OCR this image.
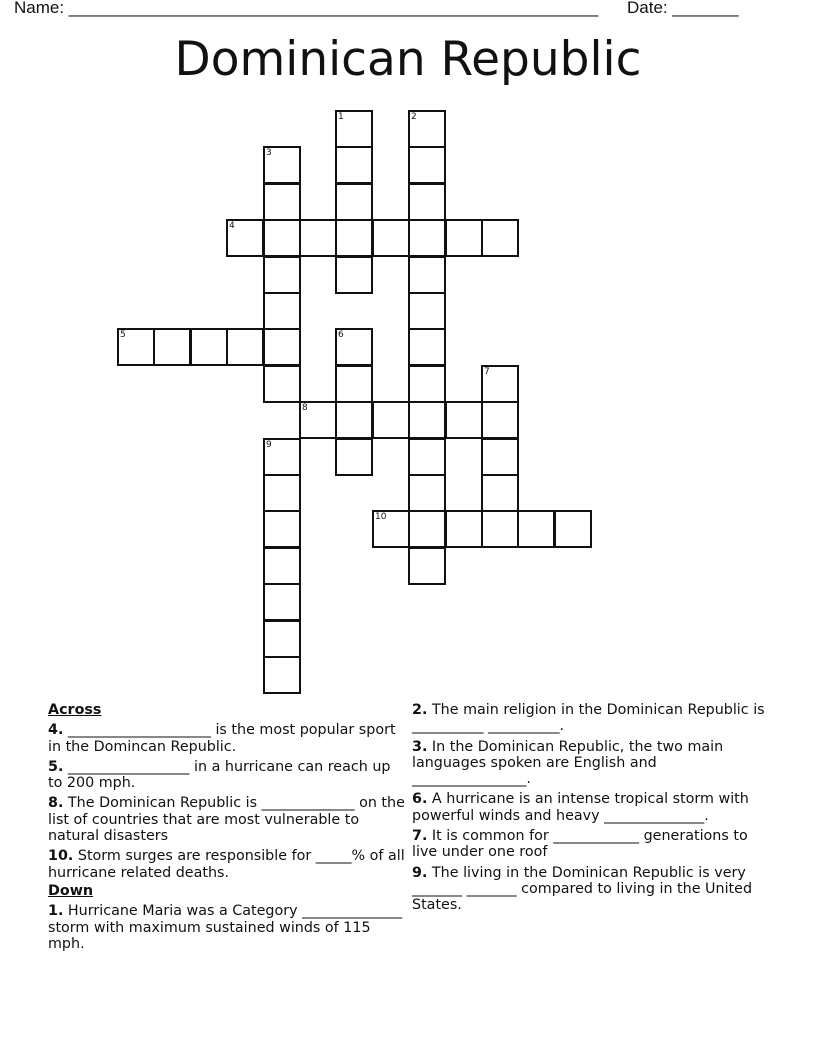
Name: ________________________________________________________ Date: _______
Dominican Republic
1	2
3
4
5	6
7
8
9
10
Across
4. ____________________ is the most popular sport in the Domincan Republic.
5. _________________ in a hurricane can reach up to 200 mph.
8. The Dominican Republic is _____________ on the list of countries that are most vulnerable to natural disasters
10. Storm surges are responsible for _____% of all hurricane related deaths.
Down
1. Hurricane Maria was a Category ______________ storm with maximum sustained winds of 115 mph.
2. The main religion in the Dominican Republic is __________ __________.
3. In the Dominican Republic, the two main languages spoken are English and ________________.
6. A hurricane is an intense tropical storm with powerful winds and heavy ______________.
7. It is common for ____________ generations to live under one roof
9. The living in the Dominican Republic is very _______ _______ compared to living in the United States.
